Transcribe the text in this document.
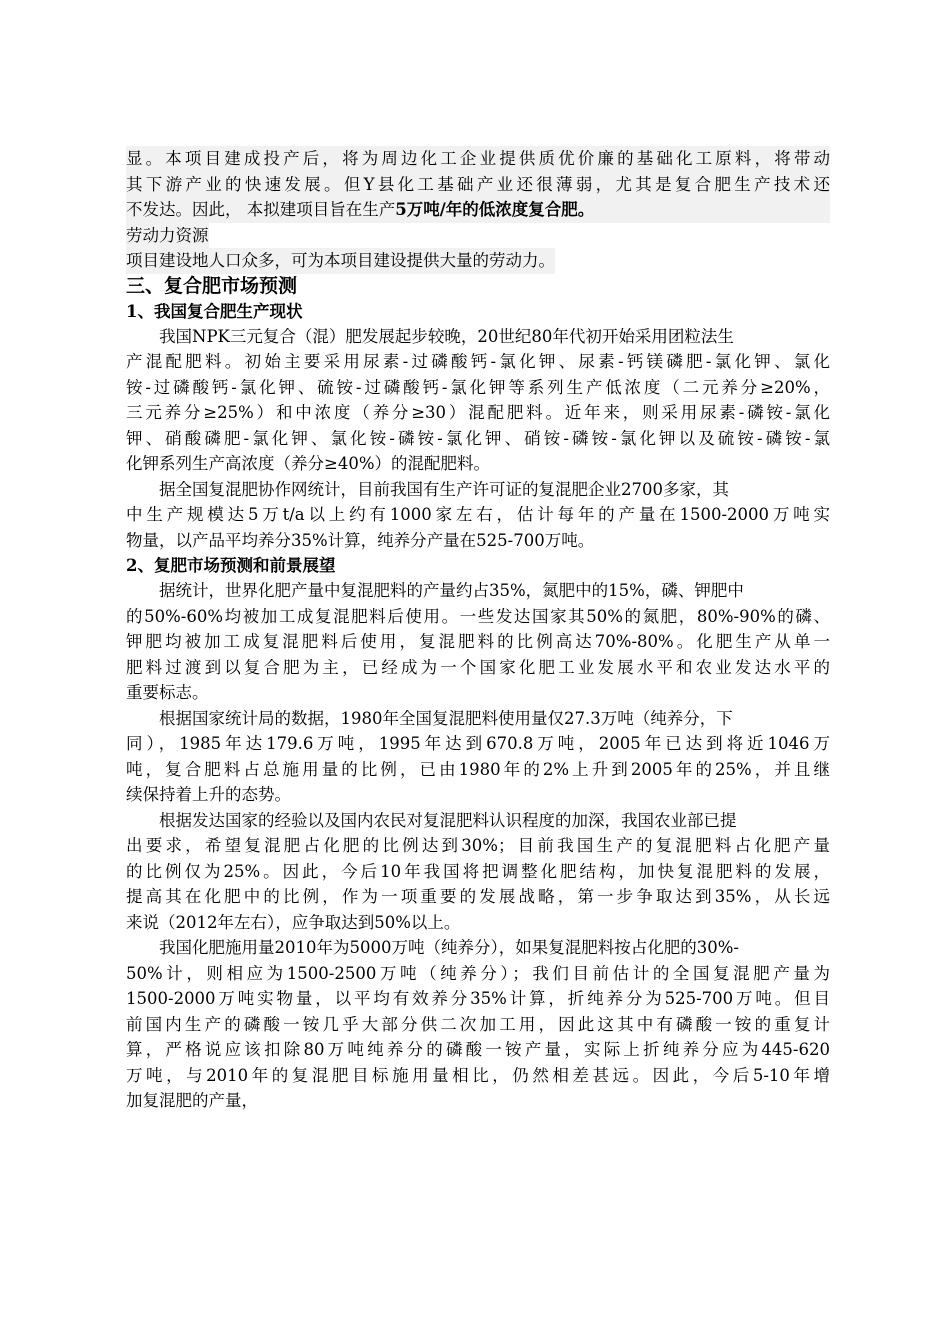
显。本项目建成投产后，将为周边化工企业提供质优价廉的基础化工原料，将带动
其下游产业的快速发展。但Y县化工基础产业还很薄弱，尤其是复合肥生产技术还
不发达。因此， 本拟建项目旨在生产5万吨/年的低浓度复合肥。
劳动力资源
项目建设地人口众多，可为本项目建设提供大量的劳动力。
三、复合肥市场预测
1、我国复合肥生产现状
我国NPK三元复合（混）肥发展起步较晚，20世纪80年代初开始采用团粒法生
产混配肥料。初始主要采用尿素-过磷酸钙-氯化钾、尿素-钙镁磷肥-氯化钾、氯化
铵-过磷酸钙-氯化钾、硫铵-过磷酸钙-氯化钾等系列生产低浓度（二元养分≥20%，
三元养分≥25%）和中浓度（养分≥30）混配肥料。近年来，则采用尿素-磷铵-氯化
钾、硝酸磷肥-氯化钾、氯化铵-磷铵-氯化钾、硝铵-磷铵-氯化钾以及硫铵-磷铵-氯
化钾系列生产高浓度（养分≥40%）的混配肥料。
据全国复混肥协作网统计，目前我国有生产许可证的复混肥企业2700多家，其
中生产规模达5万t/a以上约有1000家左右，估计每年的产量在1500-2000万吨实
物量，以产品平均养分35%计算，纯养分产量在525-700万吨。
2、复肥市场预测和前景展望
据统计，世界化肥产量中复混肥料的产量约占35%，氮肥中的15%，磷、钾肥中
的50%-60%均被加工成复混肥料后使用。一些发达国家其50%的氮肥，80%-90%的磷、
钾肥均被加工成复混肥料后使用，复混肥料的比例高达70%-80%。化肥生产从单一
肥料过渡到以复合肥为主，已经成为一个国家化肥工业发展水平和农业发达水平的
重要标志。
根据国家统计局的数据，1980年全国复混肥料使用量仅27.3万吨（纯养分，下
同），1985年达179.6万吨，1995年达到670.8万吨，2005年已达到将近1046万
吨，复合肥料占总施用量的比例，已由1980年的2%上升到2005年的25%，并且继
续保持着上升的态势。
根据发达国家的经验以及国内农民对复混肥料认识程度的加深，我国农业部已提
出要求，希望复混肥占化肥的比例达到30%；目前我国生产的复混肥料占化肥产量
的比例仅为25%。因此，今后10年我国将把调整化肥结构，加快复混肥料的发展，
提高其在化肥中的比例，作为一项重要的发展战略，第一步争取达到35%，从长远
来说（2012年左右），应争取达到50%以上。
我国化肥施用量2010年为5000万吨（纯养分），如果复混肥料按占化肥的30%-
50%计，则相应为1500-2500万吨（纯养分）；我们目前估计的全国复混肥产量为
1500-2000万吨实物量，以平均有效养分35%计算，折纯养分为525-700万吨。但目
前国内生产的磷酸一铵几乎大部分供二次加工用，因此这其中有磷酸一铵的重复计
算，严格说应该扣除80万吨纯养分的磷酸一铵产量，实际上折纯养分应为445-620
万吨，与2010年的复混肥目标施用量相比，仍然相差甚远。因此，今后5-10年增
加复混肥的产量，
